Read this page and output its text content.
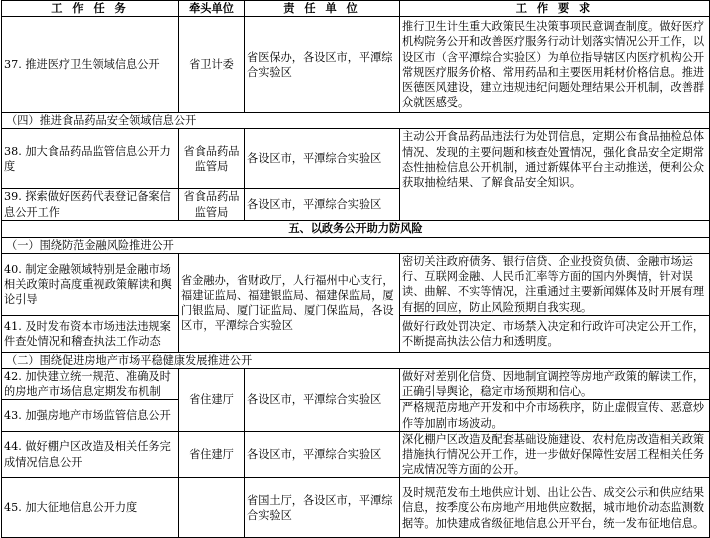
工 作 任 务	牵头单位	责 任 单 位	工 作 要 求
37. 推进医疗卫生领域信息公开	省卫计委	省医保办，各设区市，平潭综合实验区	推行卫生计生重大政策民生决策事项民意调查制度。做好医疗机构院务公开和改善医疗服务行动计划落实情况公开工作，以设区市（含平潭综合实验区）为单位指导辖区内医疗机构公开常规医疗服务价格、常用药品和主要医用耗材价格信息。推进医德医风建设，建立违规违纪问题处理结果公开机制，改善群众就医感受。
（四）推进食品药品安全领域信息公开			
38. 加大食品药品监管信息公开力度	省食品药品监管局	各设区市，平潭综合实验区	主动公开食品药品违法行为处罚信息，定期公布食品抽检总体情况、发现的主要问题和核查处置情况，强化食品安全定期常态性抽检信息公开机制，通过新媒体平台主动推送，便利公众获取抽检结果、了解食品安全知识。
39. 探索做好医药代表登记备案信息公开工作	省食品药品监管局	各设区市，平潭综合实验区	
五、以政务公开助力防风险			
（一）围绕防范金融风险推进公开			
40. 制定金融领域特别是金融市场相关政策时高度重视政策解读和舆论引导	省金融办，省财政厅，人行福州中心支行，福建证监局、福建银监局、福建保监局，厦门银监局、厦门证监局、厦门保监局，各设区市，平潭综合实验区		密切关注政府债务、银行信贷、企业投资负债、金融市场运行、互联网金融、人民币汇率等方面的国内外舆情，针对误读、曲解、不实等情况，注重通过主要新闻媒体及时开展有理有据的回应，防止风险预期自我实现。
41. 及时发布资本市场违法违规案件查处情况和稽查执法工作动态			做好行政处罚决定、市场禁入决定和行政许可决定公开工作，不断提高执法公信力和透明度。
（二）围绕促进房地产市场平稳健康发展推进公开			
42. 加快建立统一规范、准确及时的房地产市场信息定期发布机制	省住建厅	各设区市，平潭综合实验区	做好对差别化信贷、因地制宜调控等房地产政策的解读工作，正确引导舆论，稳定市场预期和信心。
43. 加强房地产市场监管信息公开			严格规范房地产开发和中介市场秩序，防止虚假宣传、恶意炒作等加剧市场波动。
44. 做好棚户区改造及相关任务完成情况信息公开	省住建厅	各设区市，平潭综合实验区	深化棚户区改造及配套基础设施建设、农村危房改造相关政策措施执行情况公开工作，进一步做好保障性安居工程相关任务完成情况等方面的公开。
45. 加大征地信息公开力度		省国土厅，各设区市，平潭综合实验区	及时规范发布土地供应计划、出让公告、成交公示和供应结果信息，按季度公布房地产用地供应数据，城市地价动态监测数据等。加快建成省级征地信息公开平台，统一发布征地信息。
